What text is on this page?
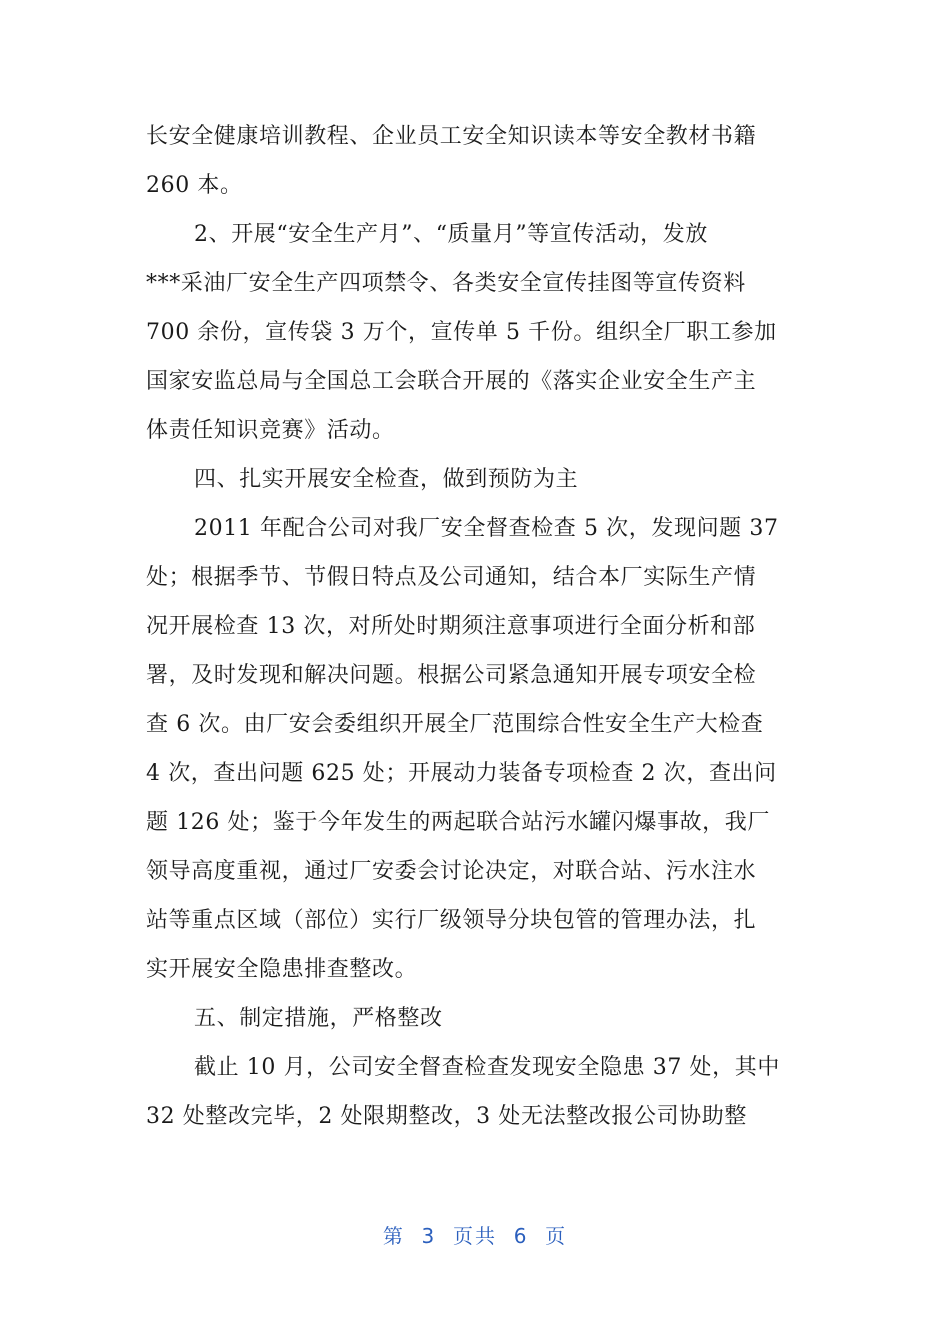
长安全健康培训教程、企业员工安全知识读本等安全教材书籍
260 本。
2、开展“安全生产月”、“质量月”等宣传活动，发放
***采油厂安全生产四项禁令、各类安全宣传挂图等宣传资料
700 余份，宣传袋 3 万个，宣传单 5 千份。组织全厂职工参加
国家安监总局与全国总工会联合开展的《落实企业安全生产主
体责任知识竞赛》活动。
四、扎实开展安全检查，做到预防为主
2011 年配合公司对我厂安全督查检查 5 次，发现问题 37
处；根据季节、节假日特点及公司通知，结合本厂实际生产情
况开展检查 13 次，对所处时期须注意事项进行全面分析和部
署，及时发现和解决问题。根据公司紧急通知开展专项安全检
查 6 次。由厂安会委组织开展全厂范围综合性安全生产大检查
4 次，查出问题 625 处；开展动力装备专项检查 2 次，查出问
题 126 处；鉴于今年发生的两起联合站污水罐闪爆事故，我厂
领导高度重视，通过厂安委会讨论决定，对联合站、污水注水
站等重点区域（部位）实行厂级领导分块包管的管理办法，扎
实开展安全隐患排查整改。
五、制定措施，严格整改
截止 10 月，公司安全督查检查发现安全隐患 37 处，其中
32 处整改完毕，2 处限期整改，3 处无法整改报公司协助整
第  3  页共  6  页
